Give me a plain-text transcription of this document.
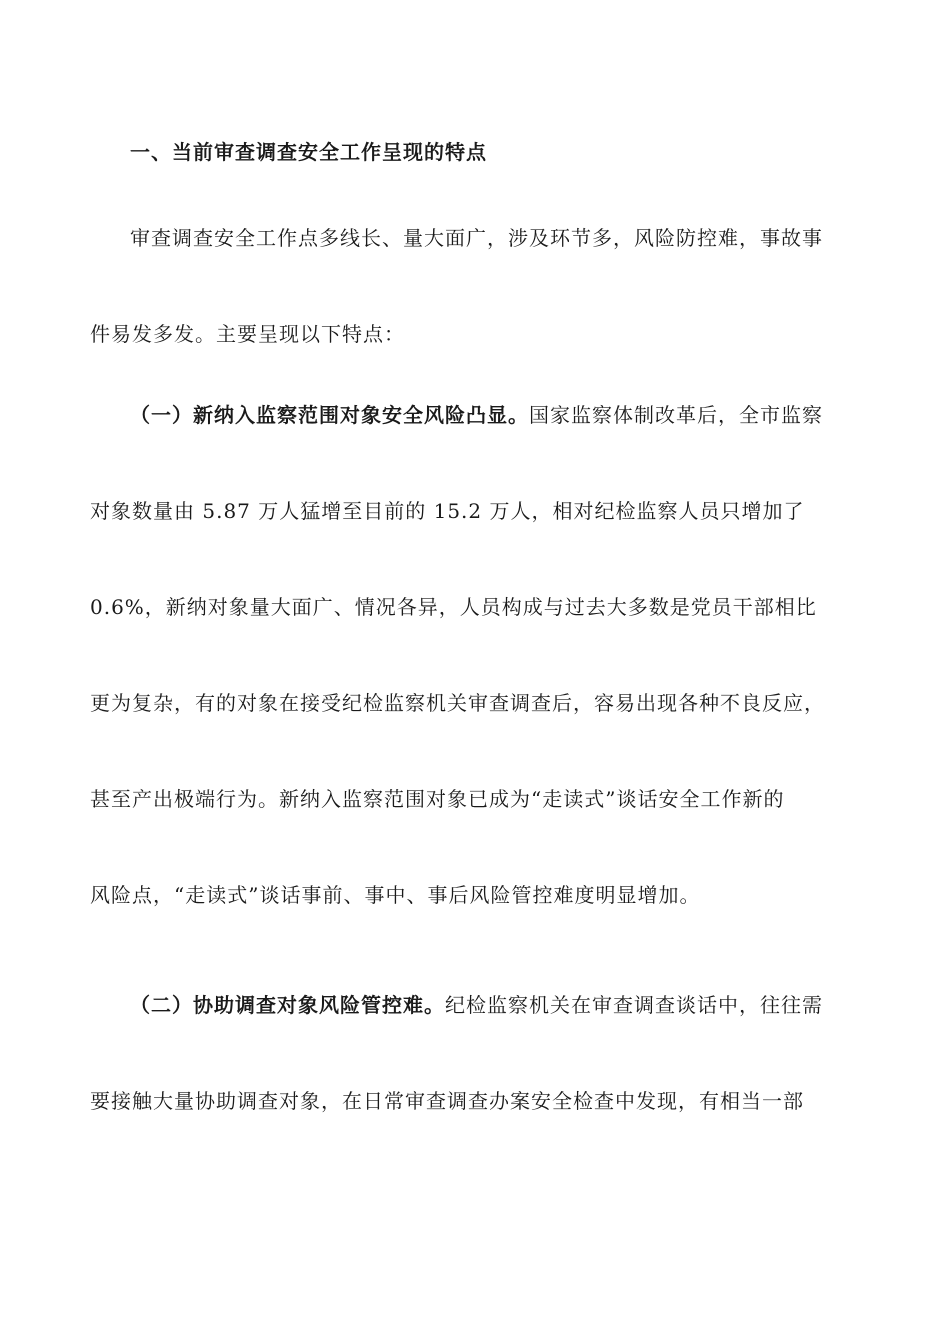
一、当前审查调查安全工作呈现的特点
审查调查安全工作点多线长、量大面广，涉及环节多，风险防控难，事故事
件易发多发。主要呈现以下特点：
（一）新纳入监察范围对象安全风险凸显。国家监察体制改革后，全市监察
对象数量由 5.87 万人猛增至目前的 15.2 万人，相对纪检监察人员只增加了
0.6%，新纳对象量大面广、情况各异，人员构成与过去大多数是党员干部相比
更为复杂，有的对象在接受纪检监察机关审查调查后，容易出现各种不良反应，
甚至产出极端行为。新纳入监察范围对象已成为“走读式”谈话安全工作新的
风险点，“走读式”谈话事前、事中、事后风险管控难度明显增加。
（二）协助调查对象风险管控难。纪检监察机关在审查调查谈话中，往往需
要接触大量协助调查对象，在日常审查调查办案安全检查中发现，有相当一部
